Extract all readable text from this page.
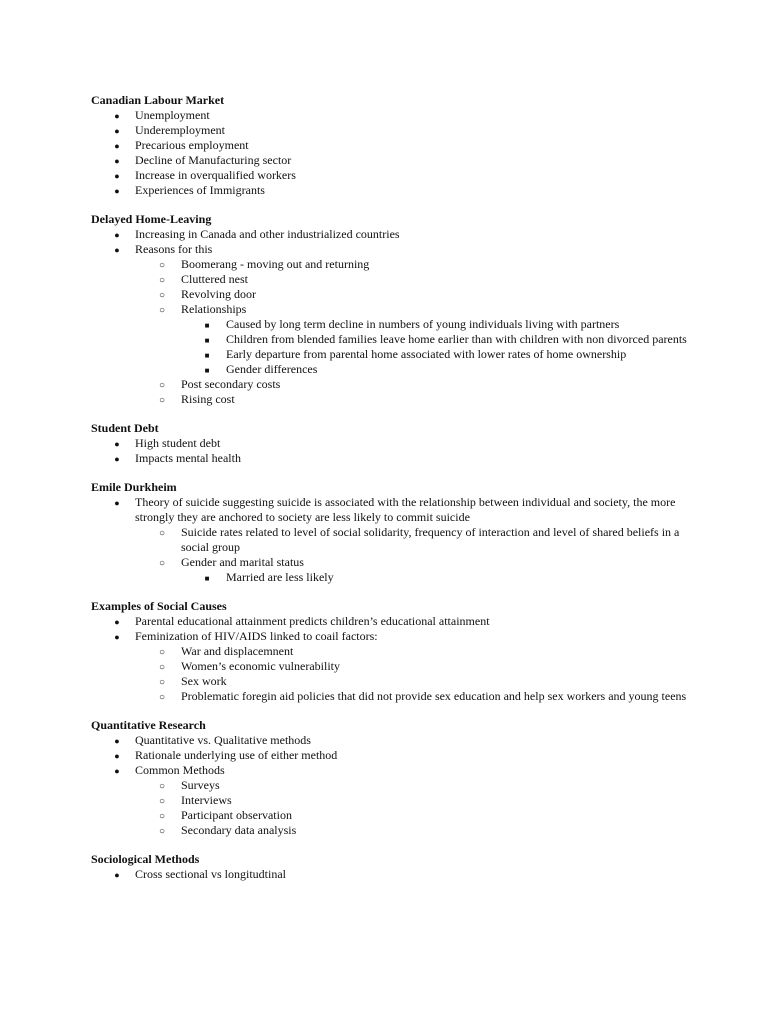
Canadian Labour Market
●
Unemployment
●
Underemployment
●
Precarious employment
●
Decline of Manufacturing sector
●
Increase in overqualified workers
●
Experiences of Immigrants
Delayed Home-Leaving
●
Increasing in Canada and other industrialized countries
●
Reasons for this
○
Boomerang - moving out and returning
○
Cluttered nest
○
Revolving door
○
Relationships
■
Caused by long term decline in numbers of young individuals living with partners
■
Children from blended families leave home earlier than with children with non divorced parents
■
Early departure from parental home associated with lower rates of home ownership
■
Gender differences
○
Post secondary costs
○
Rising cost
Student Debt
●
High student debt
●
Impacts mental health
Emile Durkheim
●
Theory of suicide suggesting suicide is associated with the relationship between individual and society, the more strongly they are anchored to society are less likely to commit suicide
○
Suicide rates related to level of social solidarity, frequency of interaction and level of shared beliefs in a social group
○
Gender and marital status
■
Married are less likely
Examples of Social Causes
●
Parental educational attainment predicts children’s educational attainment
●
Feminization of HIV/AIDS linked to coail factors:
○
War and displacemnent
○
Women’s economic vulnerability
○
Sex work
○
Problematic foregin aid policies that did not provide sex education and help sex workers and young teens
Quantitative Research
●
Quantitative vs. Qualitative methods
●
Rationale underlying use of either method
●
Common Methods
○
Surveys
○
Interviews
○
Participant observation
○
Secondary data analysis
Sociological Methods
●
Cross sectional vs longitudtinal
